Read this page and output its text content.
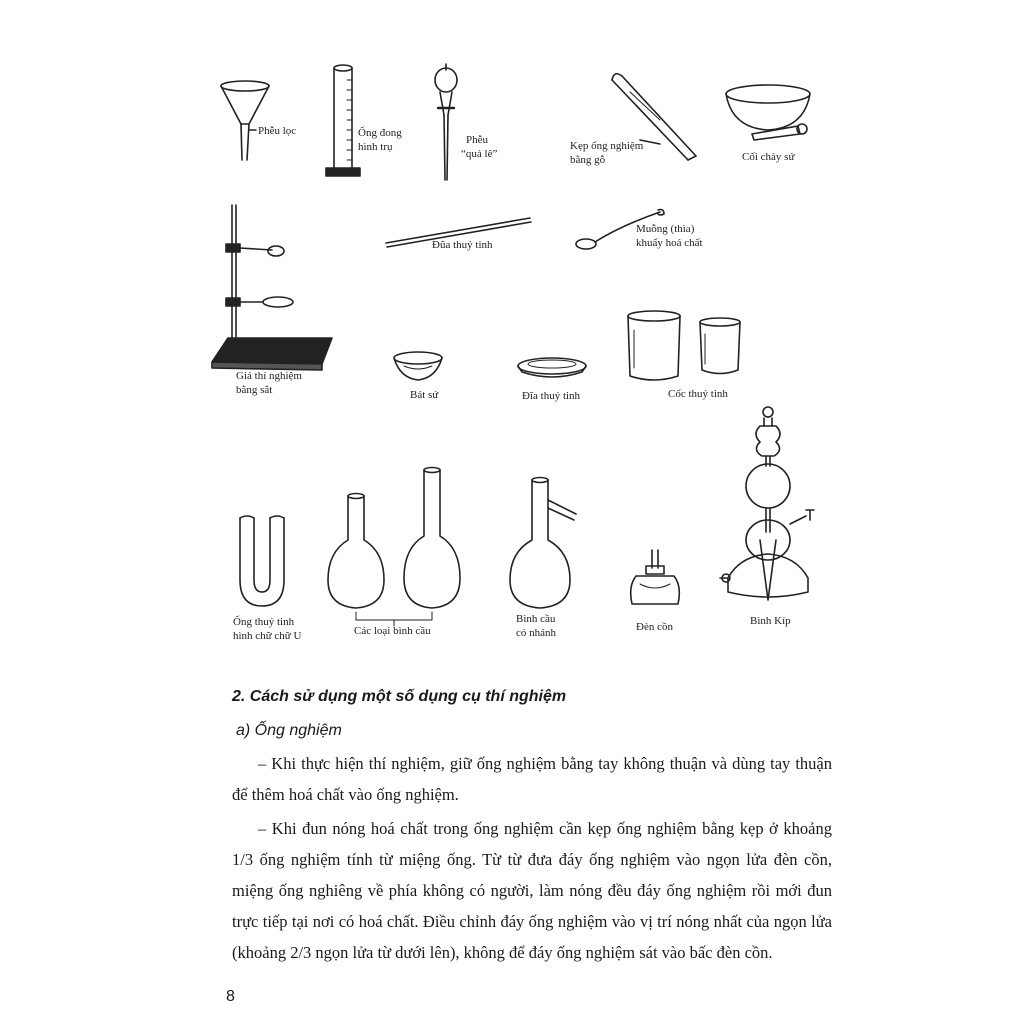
Phễu lọc	Ống đong
hình trụ
Phễu
“quả lê”
Kẹp ống nghiệm
bằng gỗ	Cối chày sứ
Giá thí nghiệm
bằng sắt
Đũa thuỷ tinh
Muỗng (thìa)
khuấy hoá chất
Bát sứ	Đĩa thuỷ tinh	Cốc thuỷ tinh
Ống thuỷ tinh
hình chữ chữ U	Các loại bình cầu
Bình cầu
có nhánh	Đèn cồn	Bình Kíp
2. Cách sử dụng một số dụng cụ thí nghiệm
a) Ống nghiệm

– Khi thực hiện thí nghiệm, giữ ống nghiệm bằng tay không thuận và dùng tay thuận để thêm hoá chất vào ống nghiệm.

– Khi đun nóng hoá chất trong ống nghiệm cần kẹp ống nghiệm bằng kẹp ở khoảng 1/3 ống nghiệm tính từ miệng ống. Từ từ đưa đáy ống nghiệm vào ngọn lửa đèn cồn, miệng ống nghiêng về phía không có người, làm nóng đều đáy ống nghiệm rồi mới đun trực tiếp tại nơi có hoá chất. Điều chỉnh đáy ống nghiệm vào vị trí nóng nhất của ngọn lửa (khoảng 2/3 ngọn lửa từ dưới lên), không để đáy ống nghiệm sát vào bấc đèn cồn.

8
